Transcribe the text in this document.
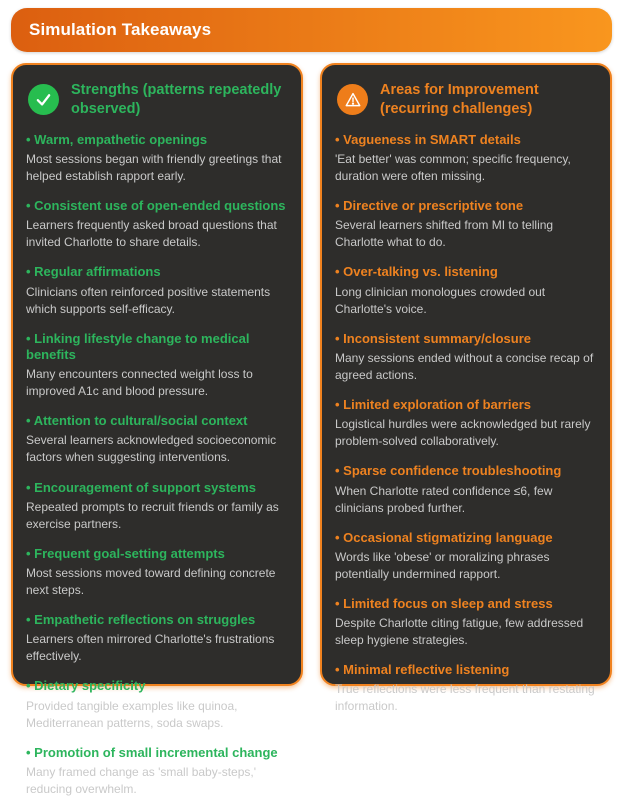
Simulation Takeaways
Strengths (patterns repeatedly observed)
• Warm, empathetic openings
Most sessions began with friendly greetings that helped establish rapport early.
• Consistent use of open-ended questions
Learners frequently asked broad questions that invited Charlotte to share details.
• Regular affirmations
Clinicians often reinforced positive statements which supports self-efficacy.
• Linking lifestyle change to medical benefits
Many encounters connected weight loss to improved A1c and blood pressure.
• Attention to cultural/social context
Several learners acknowledged socioeconomic factors when suggesting interventions.
• Encouragement of support systems
Repeated prompts to recruit friends or family as exercise partners.
• Frequent goal-setting attempts
Most sessions moved toward defining concrete next steps.
• Empathetic reflections on struggles
Learners often mirrored Charlotte's frustrations effectively.
• Dietary specificity
Provided tangible examples like quinoa, Mediterranean patterns, soda swaps.
• Promotion of small incremental change
Many framed change as 'small baby-steps,' reducing overwhelm.
Areas for Improvement (recurring challenges)
• Vagueness in SMART details
'Eat better' was common; specific frequency, duration were often missing.
• Directive or prescriptive tone
Several learners shifted from MI to telling Charlotte what to do.
• Over-talking vs. listening
Long clinician monologues crowded out Charlotte's voice.
• Inconsistent summary/closure
Many sessions ended without a concise recap of agreed actions.
• Limited exploration of barriers
Logistical hurdles were acknowledged but rarely problem-solved collaboratively.
• Sparse confidence troubleshooting
When Charlotte rated confidence ≤6, few clinicians probed further.
• Occasional stigmatizing language
Words like 'obese' or moralizing phrases potentially undermined rapport.
• Limited focus on sleep and stress
Despite Charlotte citing fatigue, few addressed sleep hygiene strategies.
• Minimal reflective listening
True reflections were less frequent than restating information.
